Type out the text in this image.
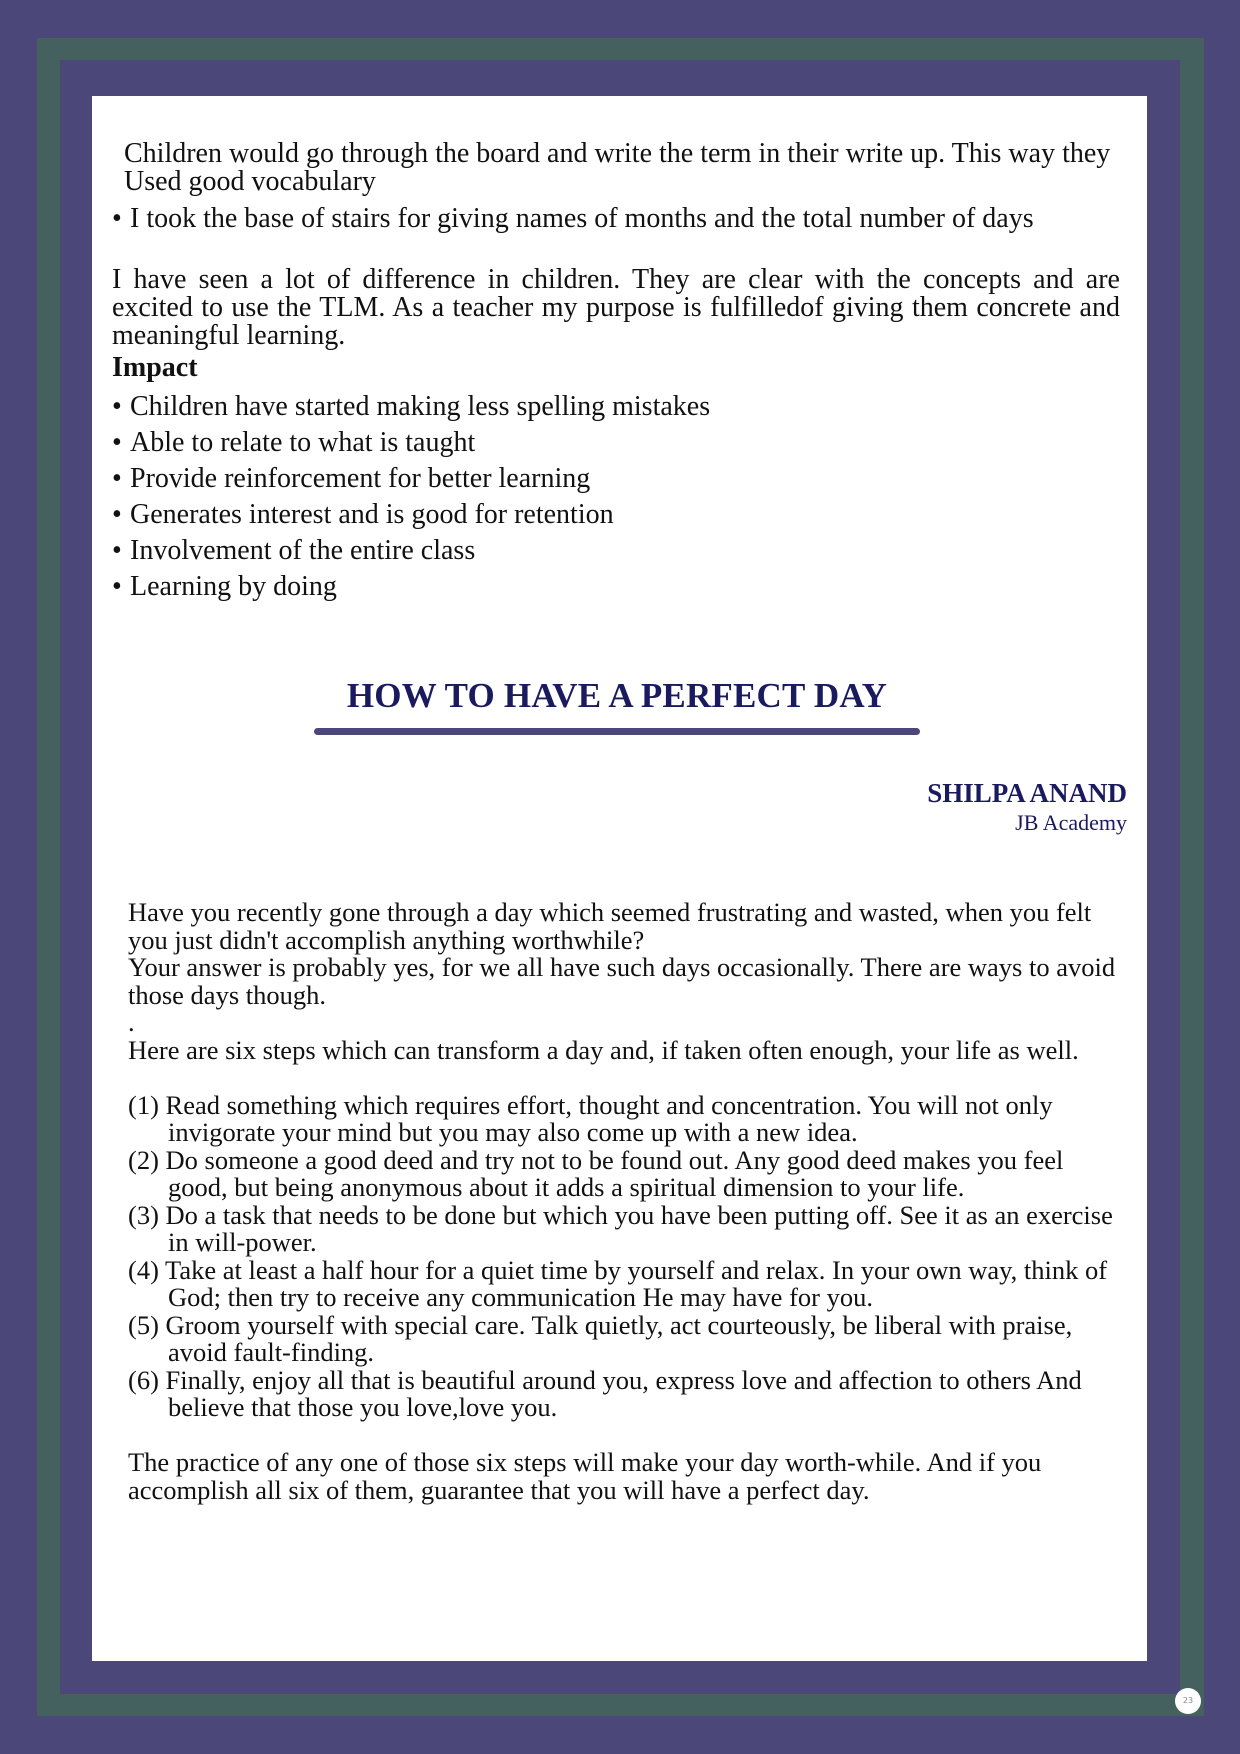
Children would go through the board and write the term in their write up. This way they Used good vocabulary
• I took the base of stairs for giving names of months and the total number of days
I have seen a lot of difference in children. They are clear with the concepts and are excited to use the TLM. As a teacher my purpose is fulfilledof giving them concrete and meaningful learning.
Impact
• Children have started making less spelling mistakes
• Able to relate to what is taught
• Provide reinforcement for better learning
• Generates interest and is good for retention
• Involvement of the entire class
• Learning by doing
HOW TO HAVE A PERFECT DAY
SHILPA ANAND
JB Academy

Have you recently gone through a day which seemed frustrating and wasted, when you felt you just didn't accomplish anything worthwhile?

Your answer is probably yes, for we all have such days occasionally. There are ways to avoid those days though.

.

Here are six steps which can transform a day and, if taken often enough, your life as well.

(1) Read something which requires effort, thought and concentration. You will not only invigorate your mind but you may also come up with a new idea.
(2) Do someone a good deed and try not to be found out. Any good deed makes you feel good, but being anonymous about it adds a spiritual dimension to your life.
(3) Do a task that needs to be done but which you have been putting off. See it as an exercise in will-power.
(4) Take at least a half hour for a quiet time by yourself and relax. In your own way, think of God; then try to receive any communication He may have for you.
(5) Groom yourself with special care. Talk quietly, act courteously, be liberal with praise, avoid fault-finding.
(6) Finally, enjoy all that is beautiful around you, express love and affection to others And believe that those you love,love you.

The practice of any one of those six steps will make your day worth-while. And if you accomplish all six of them, guarantee that you will have a perfect day.

23
